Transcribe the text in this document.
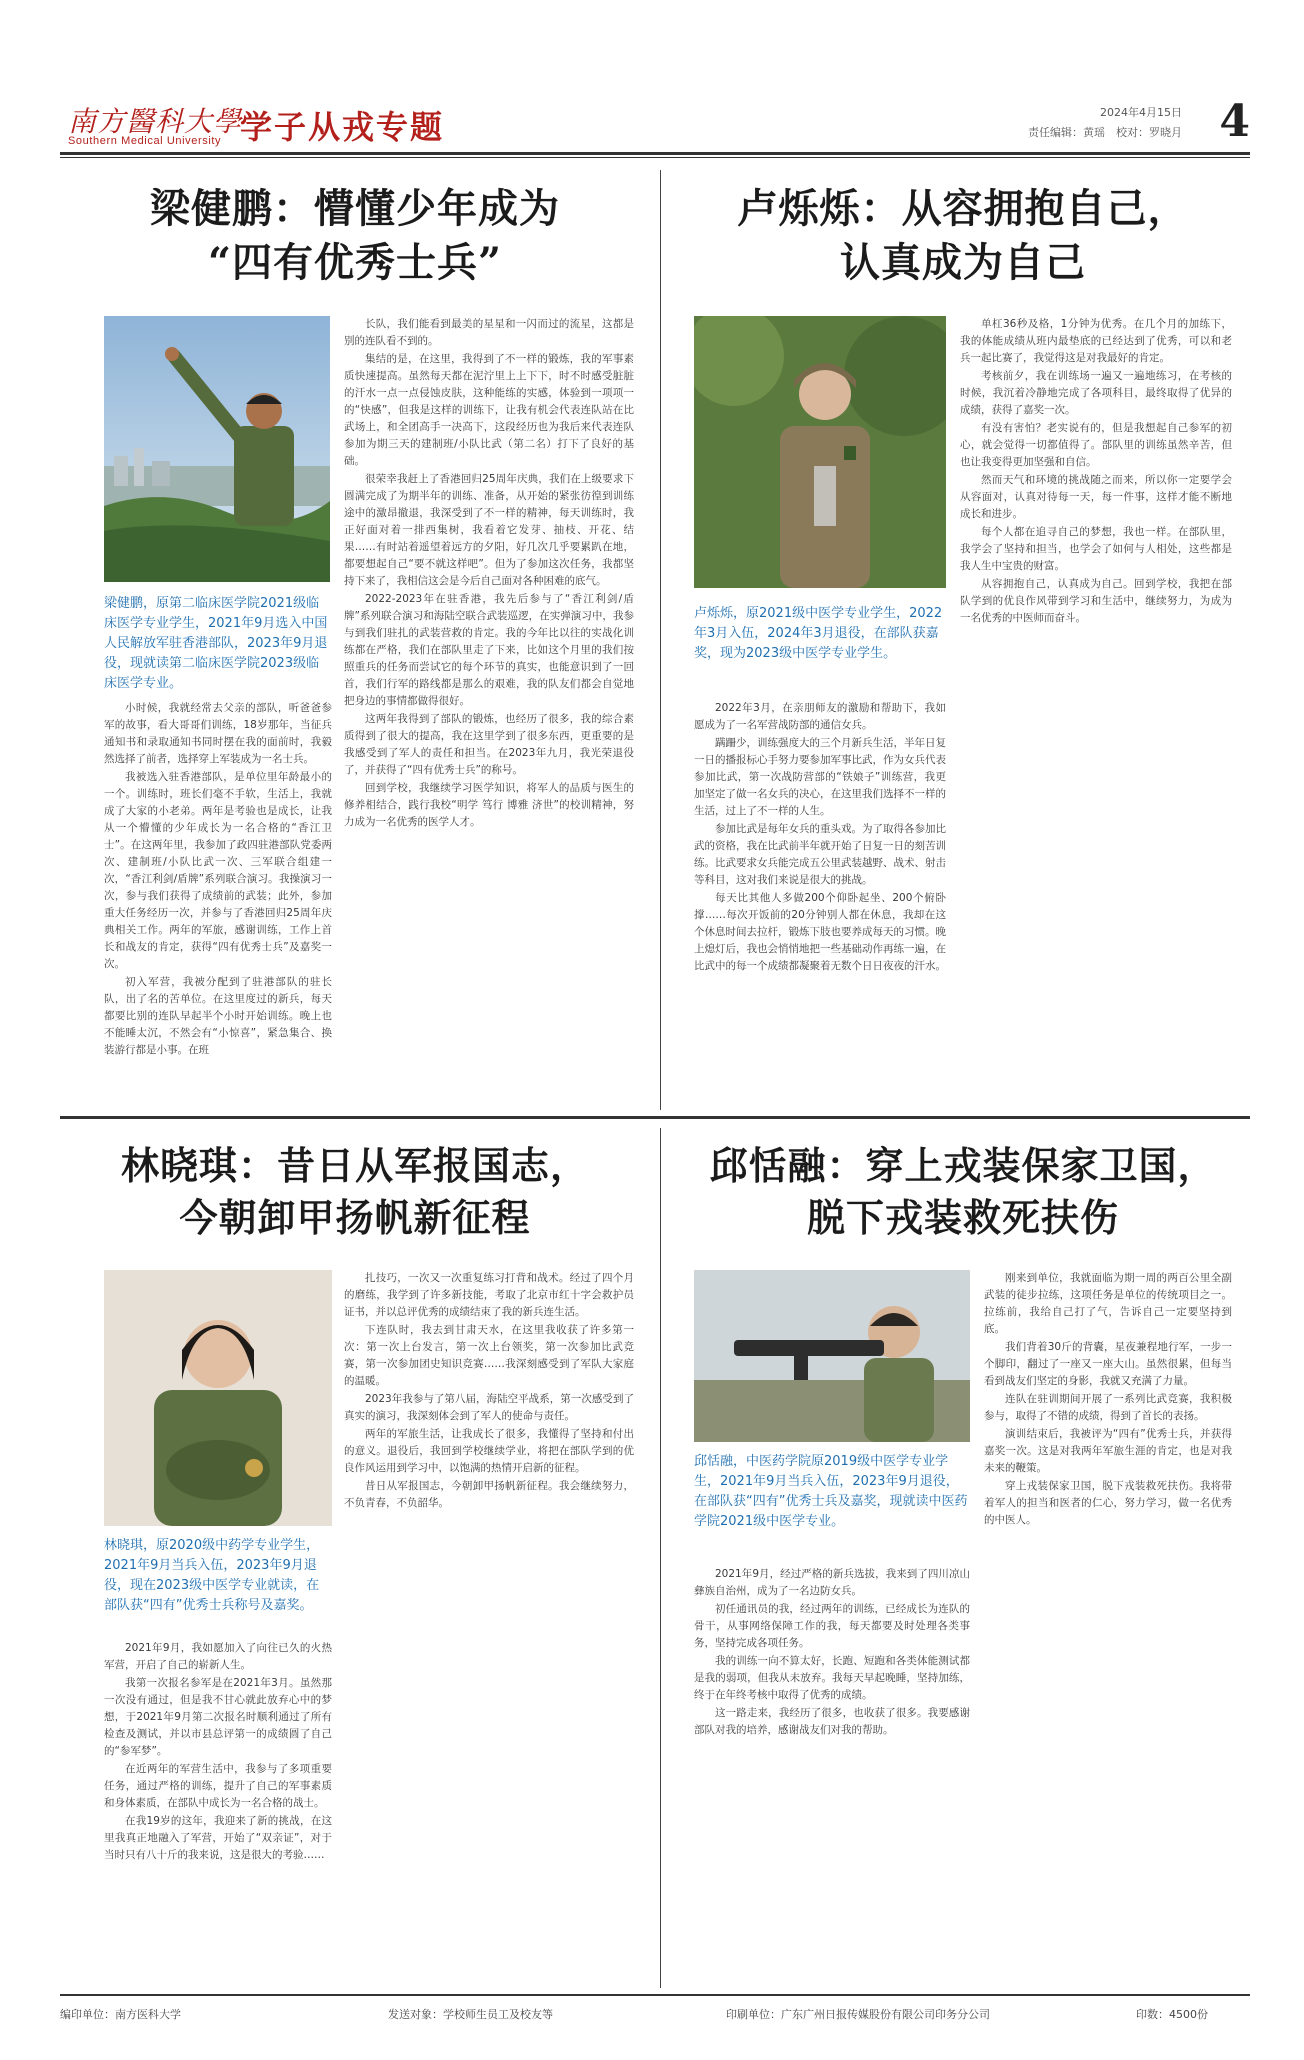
南方醫科大學
Southern Medical University 学子从戎专题	2024年4月15日
责任编辑：黄瑶　校对：罗晓月 4
梁健鹏：懵懂少年成为
“四有优秀士兵”
梁健鹏，原第二临床医学院2021级临床医学专业学生，2021年9月选入中国人民解放军驻香港部队，2023年9月退役，现就读第二临床医学院2023级临床医学专业。

小时候，我就经常去父亲的部队，听爸爸参军的故事，看大哥哥们训练，18岁那年，当征兵通知书和录取通知书同时摆在我的面前时，我毅然选择了前者，选择穿上军装成为一名士兵。

我被选入驻香港部队，是单位里年龄最小的一个。训练时，班长们毫不手软，生活上，我就成了大家的小老弟。两年是考验也是成长，让我从一个懵懂的少年成长为一名合格的“香江卫士”。在这两年里，我参加了政四驻港部队党委两次、建制班/小队比武一次、三军联合组建一次，“香江利剑/盾牌”系列联合演习。我操演习一次，参与我们获得了成绩前的武装；此外，参加重大任务经历一次，并参与了香港回归25周年庆典相关工作。两年的军旅，感谢训练，工作上首长和战友的肯定，获得“四有优秀士兵”及嘉奖一次。

初入军营，我被分配到了驻港部队的驻长队，出了名的苦单位。在这里度过的新兵，每天都要比别的连队早起半个小时开始训练。晚上也不能睡太沉，不然会有“小惊喜”，紧急集合、换装游行都是小事。在班

长队，我们能看到最美的星星和一闪而过的流星，这都是别的连队看不到的。

集结的是，在这里，我得到了不一样的锻炼，我的军事素质快速提高。虽然每天都在泥泞里上上下下，时不时感受脏脏的汗水一点一点侵蚀皮肤，这种能练的实感，体验到一项项一的“快感”，但我是这样的训练下，让我有机会代表连队站在比武场上，和全团高手一决高下，这段经历也为我后来代表连队参加为期三天的建制班/小队比武（第二名）打下了良好的基础。

很荣幸我赶上了香港回归25周年庆典，我们在上级要求下圆满完成了为期半年的训练、准备，从开始的紧张彷徨到训练途中的激昂撤退，我深受到了不一样的精神，每天训练时，我正好面对着一排西集树，我看着它发芽、抽枝、开花、结果……有时站着遥望着远方的夕阳，好几次几乎要累趴在地，都要想起自己“要不就这样吧”。但为了参加这次任务，我都坚持下来了，我相信这会是今后自己面对各种困难的底气。

2022-2023年在驻香港，我先后参与了“香江利剑/盾牌”系列联合演习和海陆空联合武装巡逻，在实弹演习中，我参与到我们驻扎的武装营救的肯定。我的今年比以往的实战化训练都在严格，我们在部队里走了下来，比如这个月里的我们按照重兵的任务而尝试它的每个环节的真实，也能意识到了一回首，我们行军的路线都是那么的艰难，我的队友们都会自觉地把身边的事情都做得很好。

这两年我得到了部队的锻炼，也经历了很多，我的综合素质得到了很大的提高，我在这里学到了很多东西，更重要的是我感受到了军人的责任和担当。在2023年九月，我光荣退役了，并获得了“四有优秀士兵”的称号。

回到学校，我继续学习医学知识，将军人的品质与医生的修养相结合，践行我校“明学 笃行 博雅 济世”的校训精神，努力成为一名优秀的医学人才。

卢烁烁：从容拥抱自己，
认真成为自己
卢烁烁，原2021级中医学专业学生，2022年3月入伍，2024年3月退役，在部队获嘉奖，现为2023级中医学专业学生。

2022年3月，在亲朋师友的激励和帮助下，我如愿成为了一名军营战防部的通信女兵。

蹒跚少，训练强度大的三个月新兵生活，半年日复一日的播报标心手努力要参加军事比武，作为女兵代表参加比武，第一次战防营部的“铁娘子”训练营，我更加坚定了做一名女兵的决心，在这里我们选择不一样的生活，过上了不一样的人生。

参加比武是每年女兵的重头戏。为了取得各参加比武的资格，我在比武前半年就开始了日复一日的刻苦训练。比武要求女兵能完成五公里武装越野、战术、射击等科目，这对我们来说是很大的挑战。

每天比其他人多做200个仰卧起坐、200个俯卧撑……每次开饭前的20分钟别人都在休息，我却在这个休息时间去拉杆，锻炼下肢也要养成每天的习惯。晚上熄灯后，我也会悄悄地把一些基础动作再练一遍，在比武中的每一个成绩都凝聚着无数个日日夜夜的汗水。

单杠36秒及格，1分钟为优秀。在几个月的加练下，我的体能成绩从班内最垫底的已经达到了优秀，可以和老兵一起比赛了，我觉得这是对我最好的肯定。

考核前夕，我在训练场一遍又一遍地练习，在考核的时候，我沉着冷静地完成了各项科目，最终取得了优异的成绩，获得了嘉奖一次。

有没有害怕？老实说有的，但是我想起自己参军的初心，就会觉得一切都值得了。部队里的训练虽然辛苦，但也让我变得更加坚强和自信。

然而天气和环境的挑战随之而来，所以你一定要学会从容面对，认真对待每一天，每一件事，这样才能不断地成长和进步。

每个人都在追寻自己的梦想，我也一样。在部队里，我学会了坚持和担当，也学会了如何与人相处，这些都是我人生中宝贵的财富。

从容拥抱自己，认真成为自己。回到学校，我把在部队学到的优良作风带到学习和生活中，继续努力，为成为一名优秀的中医师而奋斗。

林晓琪：昔日从军报国志，
今朝卸甲扬帆新征程
林晓琪，原2020级中药学专业学生，2021年9月当兵入伍，2023年9月退役，现在2023级中医学专业就读，在部队获“四有”优秀士兵称号及嘉奖。

2021年9月，我如愿加入了向往已久的火热军营，开启了自己的崭新人生。

我第一次报名参军是在2021年3月。虽然那一次没有通过，但是我不甘心就此放弃心中的梦想，于2021年9月第二次报名时顺利通过了所有检查及测试，并以市县总评第一的成绩圆了自己的“参军梦”。

在近两年的军营生活中，我参与了多项重要任务，通过严格的训练，提升了自己的军事素质和身体素质，在部队中成长为一名合格的战士。

在我19岁的这年，我迎来了新的挑战，在这里我真正地融入了军营，开始了“双亲证”，对于当时只有八十斤的我来说，这是很大的考验……

扎技巧，一次又一次重复练习打背和战术。经过了四个月的磨练，我学到了许多新技能，考取了北京市红十字会救护员证书，并以总评优秀的成绩结束了我的新兵连生活。

下连队时，我去到甘肃天水，在这里我收获了许多第一次：第一次上台发言，第一次上台领奖，第一次参加比武竞赛，第一次参加团史知识竞赛……我深刻感受到了军队大家庭的温暖。

2023年我参与了第八届，海陆空平战系，第一次感受到了真实的演习，我深刻体会到了军人的使命与责任。

两年的军旅生活，让我成长了很多，我懂得了坚持和付出的意义。退役后，我回到学校继续学业，将把在部队学到的优良作风运用到学习中，以饱满的热情开启新的征程。

昔日从军报国志，今朝卸甲扬帆新征程。我会继续努力，不负青春，不负韶华。

邱恬融：穿上戎装保家卫国，
脱下戎装救死扶伤
邱恬融，中医药学院原2019级中医学专业学生，2021年9月当兵入伍，2023年9月退役，在部队获“四有”优秀士兵及嘉奖，现就读中医药学院2021级中医学专业。

2021年9月，经过严格的新兵选拔，我来到了四川凉山彝族自治州，成为了一名边防女兵。

初任通讯员的我，经过两年的训练，已经成长为连队的骨干，从事网络保障工作的我，每天都要及时处理各类事务，坚持完成各项任务。

我的训练一向不算太好，长跑、短跑和各类体能测试都是我的弱项，但我从未放弃。我每天早起晚睡，坚持加练，终于在年终考核中取得了优秀的成绩。

这一路走来，我经历了很多，也收获了很多。我要感谢部队对我的培养，感谢战友们对我的帮助。

刚来到单位，我就面临为期一周的两百公里全副武装的徒步拉练，这项任务是单位的传统项目之一。拉练前，我给自己打了气，告诉自己一定要坚持到底。

我们背着30斤的背囊，星夜兼程地行军，一步一个脚印，翻过了一座又一座大山。虽然很累，但每当看到战友们坚定的身影，我就又充满了力量。

连队在驻训期间开展了一系列比武竞赛，我积极参与，取得了不错的成绩，得到了首长的表扬。

演训结束后，我被评为“四有”优秀士兵，并获得嘉奖一次。这是对我两年军旅生涯的肯定，也是对我未来的鞭策。

穿上戎装保家卫国，脱下戎装救死扶伤。我将带着军人的担当和医者的仁心，努力学习，做一名优秀的中医人。

编印单位：南方医科大学	发送对象：学校师生员工及校友等	印刷单位：广东广州日报传媒股份有限公司印务分公司	印数：4500份
